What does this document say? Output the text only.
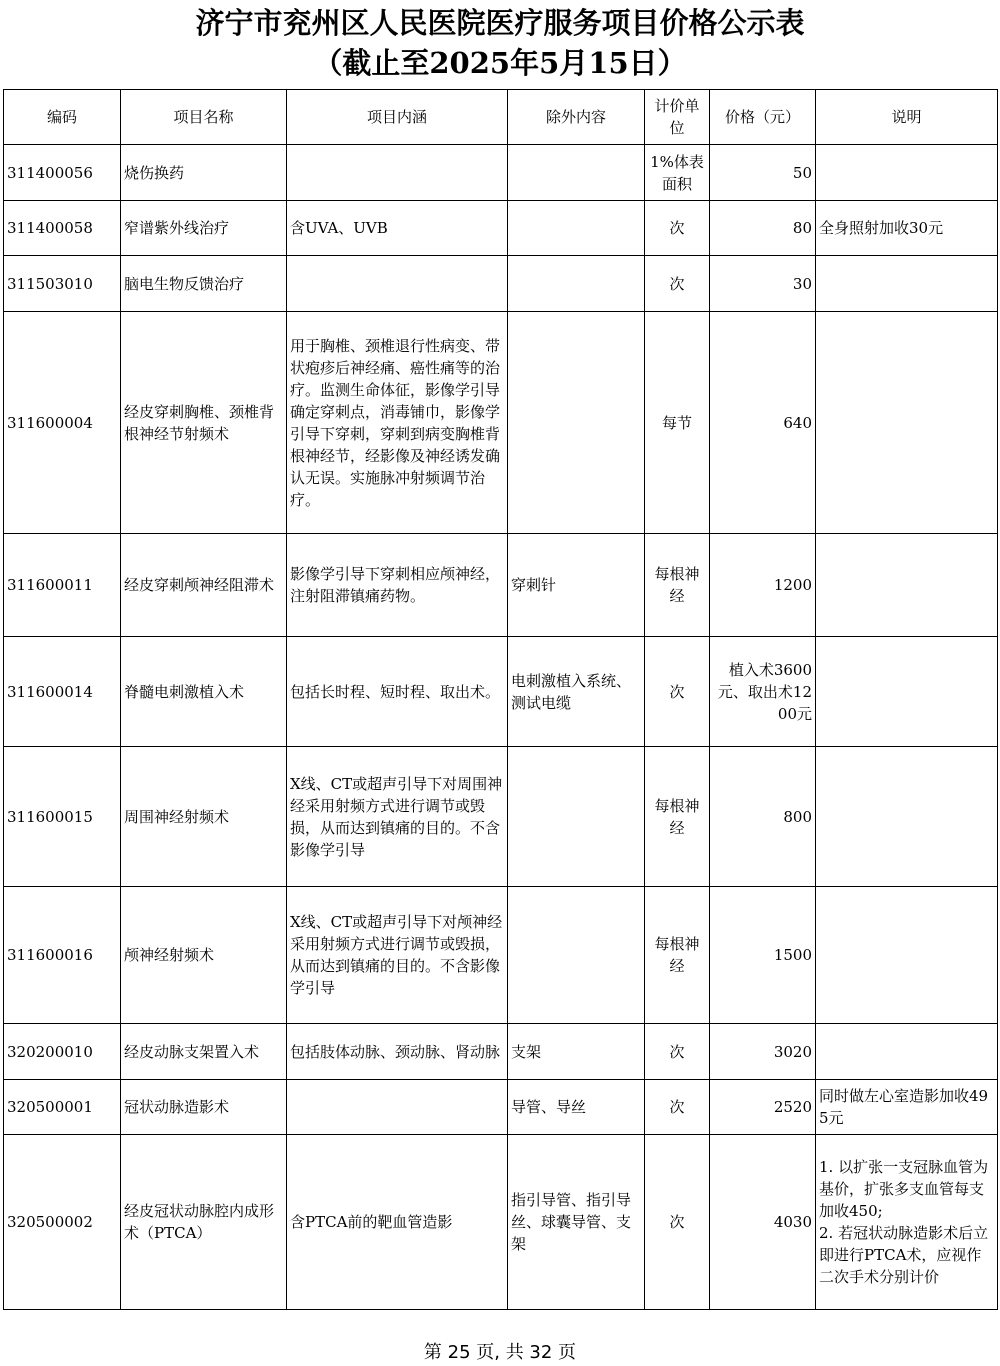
济宁市兖州区人民医院医疗服务项目价格公示表
（截止至2025年5月15日）
编码	项目名称	项目内涵	除外内容	计价单位	价格（元）	说明
311400056	烧伤换药			1%体表面积	50	
311400058	窄谱紫外线治疗	含UVA、UVB		次	80	全身照射加收30元
311503010	脑电生物反馈治疗			次	30	
311600004	经皮穿刺胸椎、颈椎背根神经节射频术	用于胸椎、颈椎退行性病变、带状疱疹后神经痛、癌性痛等的治疗。监测生命体征，影像学引导确定穿刺点，消毒铺巾，影像学引导下穿刺，穿刺到病变胸椎背根神经节，经影像及神经诱发确认无误。实施脉冲射频调节治疗。		每节	640	
311600011	经皮穿刺颅神经阻滞术	影像学引导下穿刺相应颅神经，注射阻滞镇痛药物。	穿刺针	每根神经	1200	
311600014	脊髓电刺激植入术	包括长时程、短时程、取出术。	电刺激植入系统、测试电缆	次	植入术3600元、取出术1200元	
311600015	周围神经射频术	X线、CT或超声引导下对周围神经采用射频方式进行调节或毁损，从而达到镇痛的目的。不含影像学引导		每根神经	800	
311600016	颅神经射频术	X线、CT或超声引导下对颅神经采用射频方式进行调节或毁损，从而达到镇痛的目的。不含影像学引导		每根神经	1500	
320200010	经皮动脉支架置入术	包括肢体动脉、颈动脉、肾动脉	支架	次	3020	
320500001	冠状动脉造影术		导管、导丝	次	2520	同时做左心室造影加收495元
320500002	经皮冠状动脉腔内成形术（PTCA）	含PTCA前的靶血管造影	指引导管、指引导丝、球囊导管、支架	次	4030	1. 以扩张一支冠脉血管为基价，扩张多支血管每支加收450;
2. 若冠状动脉造影术后立即进行PTCA术，应视作二次手术分别计价
第 25 页, 共 32 页
